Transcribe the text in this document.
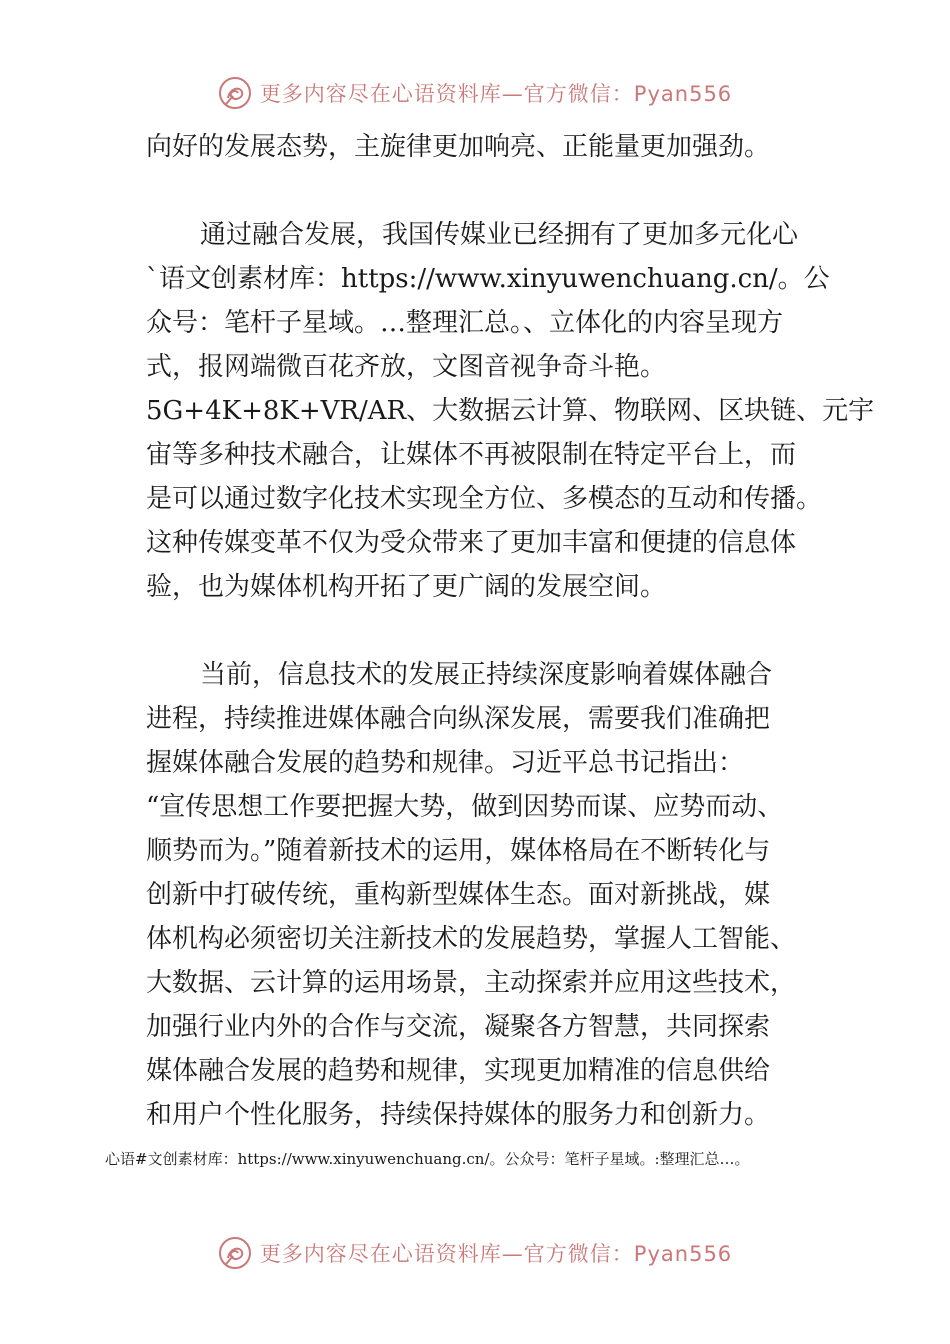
更多内容尽在心语资料库—官方微信：Pyan556
向好的发展态势，主旋律更加响亮、正能量更加强劲。
通过融合发展，我国传媒业已经拥有了更加多元化心
`语文创素材库：https://www.xinyuwenchuang.cn/。公
众号：笔杆子星域。…整理汇总。、立体化的内容呈现方
式，报网端微百花齐放，文图音视争奇斗艳。
5G+4K+8K+VR/AR、大数据云计算、物联网、区块链、元宇
宙等多种技术融合，让媒体不再被限制在特定平台上，而
是可以通过数字化技术实现全方位、多模态的互动和传播。
这种传媒变革不仅为受众带来了更加丰富和便捷的信息体
验，也为媒体机构开拓了更广阔的发展空间。
当前，信息技术的发展正持续深度影响着媒体融合
进程，持续推进媒体融合向纵深发展，需要我们准确把
握媒体融合发展的趋势和规律。习近平总书记指出：
“宣传思想工作要把握大势，做到因势而谋、应势而动、
顺势而为。”随着新技术的运用，媒体格局在不断转化与
创新中打破传统，重构新型媒体生态。面对新挑战，媒
体机构必须密切关注新技术的发展趋势，掌握人工智能、
大数据、云计算的运用场景，主动探索并应用这些技术，
加强行业内外的合作与交流，凝聚各方智慧，共同探索
媒体融合发展的趋势和规律，实现更加精准的信息供给
和用户个性化服务，持续保持媒体的服务力和创新力。
心语#文创素材库：https://www.xinyuwenchuang.cn/。公众号：笔杆子星域。:整理汇总…。
更多内容尽在心语资料库—官方微信：Pyan556
